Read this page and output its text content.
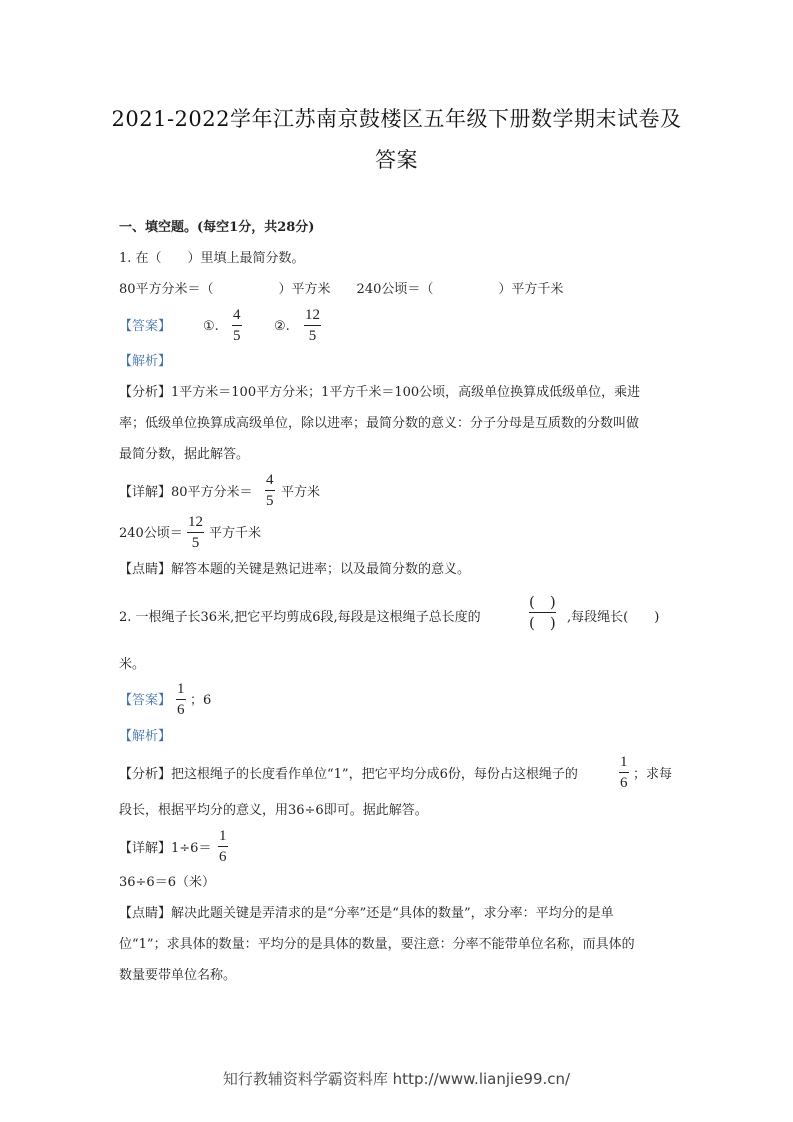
2021-2022学年江苏南京鼓楼区五年级下册数学期末试卷及
答案
一、填空题。(每空1分，共28分)
1. 在（　　）里填上最简分数。
80平方分米＝（　　　　　）平方米　　240公顷＝（　　　　　）平方千米
【答案】 ①.
4
5
②.
12
5
【解析】
【分析】1平方米＝100平方分米；1平方千米＝100公顷，高级单位换算成低级单位，乘进
率；低级单位换算成高级单位，除以进率；最简分数的意义：分子分母是互质数的分数叫做
最简分数，据此解答。
【详解】80平方分米＝
4
5
平方米
240公顷＝
12
5
平方千米
【点睛】解答本题的关键是熟记进率；以及最简分数的意义。
2. 一根绳子长36米,把它平均剪成6段,每段是这根绳子总长度的
(　)
(　) ,每段绳长(　　)
米。
【答案】
1
6
；6
【解析】
【分析】把这根绳子的长度看作单位“1”，把它平均分成6份，每份占这根绳子的
1
6
；求每
段长，根据平均分的意义，用36÷6即可。据此解答。
【详解】1÷6＝
1
6
36÷6＝6（米）
【点睛】解决此题关键是弄清求的是“分率”还是“具体的数量”，求分率：平均分的是单
位“1”；求具体的数量：平均分的是具体的数量，要注意：分率不能带单位名称，而具体的
数量要带单位名称。
知行教辅资料学霸资料库 http://www.lianjie99.cn/
